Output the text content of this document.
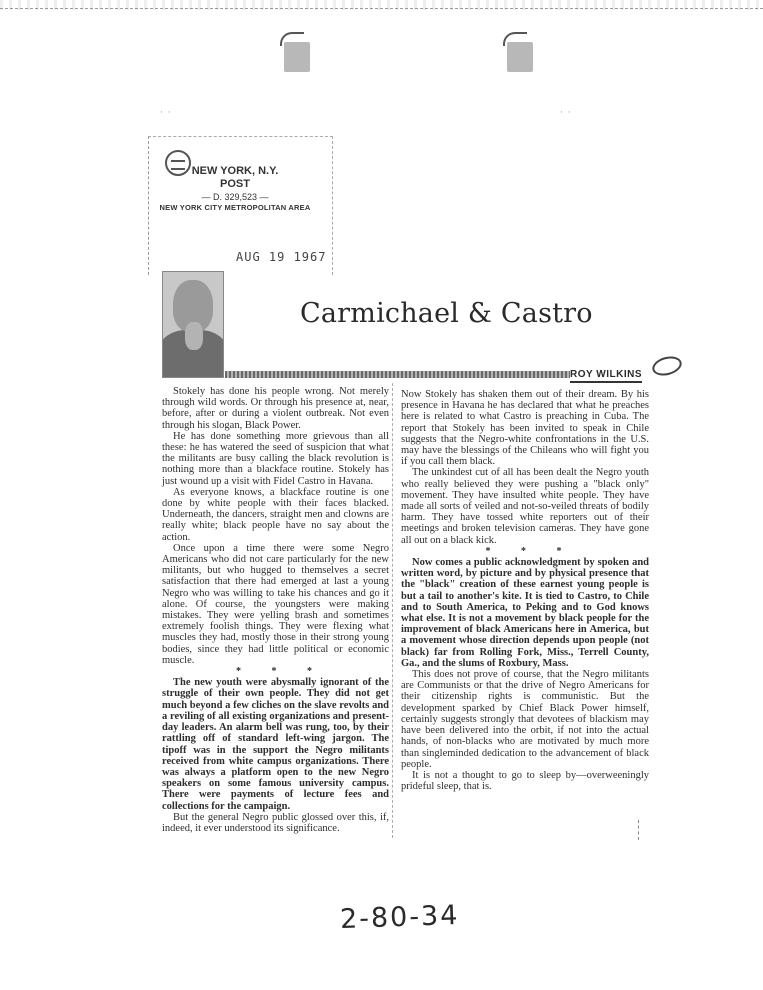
· ·	· ·
NEW YORK, N.Y.
POST
— D. 329,523 —
NEW YORK CITY METROPOLITAN AREA
AUG 19 1967
Carmichael & Castro
ROY WILKINS

Stokely has done his people wrong. Not merely through wild words. Or through his presence at, near, before, after or during a violent outbreak. Not even through his slogan, Black Power.

He has done something more grievous than all these: he has watered the seed of suspicion that what the militants are busy calling the black revolution is nothing more than a blackface routine. Stokely has just wound up a visit with Fidel Castro in Havana.

As everyone knows, a blackface routine is one done by white people with their faces blacked. Underneath, the dancers, straight men and clowns are really white; black people have no say about the action.

Once upon a time there were some Negro Americans who did not care particularly for the new militants, but who hugged to themselves a secret satisfaction that there had emerged at last a young Negro who was willing to take his chances and go it alone. Of course, the youngsters were making mistakes. They were yelling brash and sometimes extremely foolish things. They were flexing what muscles they had, mostly those in their strong young bodies, since they had little political or economic muscle.

* * *

The new youth were abysmally ignorant of the struggle of their own people. They did not get much beyond a few cliches on the slave revolts and a reviling of all existing organizations and present-day leaders. An alarm bell was rung, too, by their rattling off of standard left-wing jargon. The tipoff was in the support the Negro militants received from white campus organizations. There was always a platform open to the new Negro speakers on some famous university campus. There were payments of lecture fees and collections for the campaign.

But the general Negro public glossed over this, if, indeed, it ever understood its significance.

Now Stokely has shaken them out of their dream. By his presence in Havana he has declared that what he preaches here is related to what Castro is preaching in Cuba. The report that Stokely has been invited to speak in Chile suggests that the Negro-white confrontations in the U.S. may have the blessings of the Chileans who will fight you if you call them black.

The unkindest cut of all has been dealt the Negro youth who really believed they were pushing a "black only" movement. They have insulted white people. They have made all sorts of veiled and not-so-veiled threats of bodily harm. They have tossed white reporters out of their meetings and broken television cameras. They have gone all out on a black kick.

* * *

Now comes a public acknowledgment by spoken and written word, by picture and by physical presence that the "black" creation of these earnest young people is but a tail to another's kite. It is tied to Castro, to Chile and to South America, to Peking and to God knows what else. It is not a movement by black people for the improvement of black Americans here in America, but a movement whose direction depends upon people (not black) far from Rolling Fork, Miss., Terrell County, Ga., and the slums of Roxbury, Mass.

This does not prove of course, that the Negro militants are Communists or that the drive of Negro Americans for their citizenship rights is communistic. But the development sparked by Chief Black Power himself, certainly suggests strongly that devotees of blackism may have been delivered into the orbit, if not into the actual hands, of non-blacks who are motivated by much more than singleminded dedication to the advancement of black people.

It is not a thought to go to sleep by—overweeningly prideful sleep, that is.

2-80-34
